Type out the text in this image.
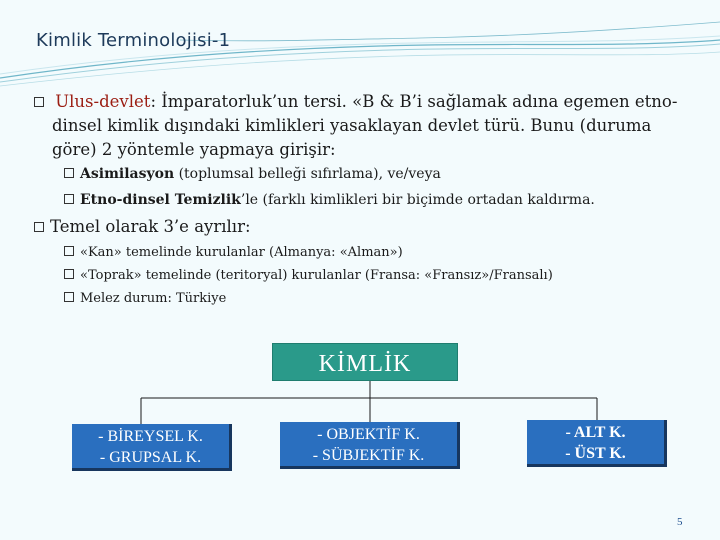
Kimlik Terminolojisi-1
Ulus-devlet: İmparatorluk’un tersi. «B & B’i sağlamak adına egemen etno-
dinsel kimlik dışındaki kimlikleri yasaklayan devlet türü. Bunu (duruma
göre) 2 yöntemle yapmaya girişir:
Asimilasyon (toplumsal belleği sıfırlama), ve/veya
Etno-dinsel Temizlik’le (farklı kimlikleri bir biçimde ortadan kaldırma.
Temel olarak 3’e ayrılır:
«Kan» temelinde kurulanlar (Almanya: «Alman»)
«Toprak» temelinde (teritoryal) kurulanlar (Fransa: «Fransız»/Fransalı)
Melez durum: Türkiye
KİMLİK
- BİREYSEL K.
- GRUPSAL K.
- OBJEKTİF K.
- SÜBJEKTİF K.
- ALT K.
- ÜST K.
5
